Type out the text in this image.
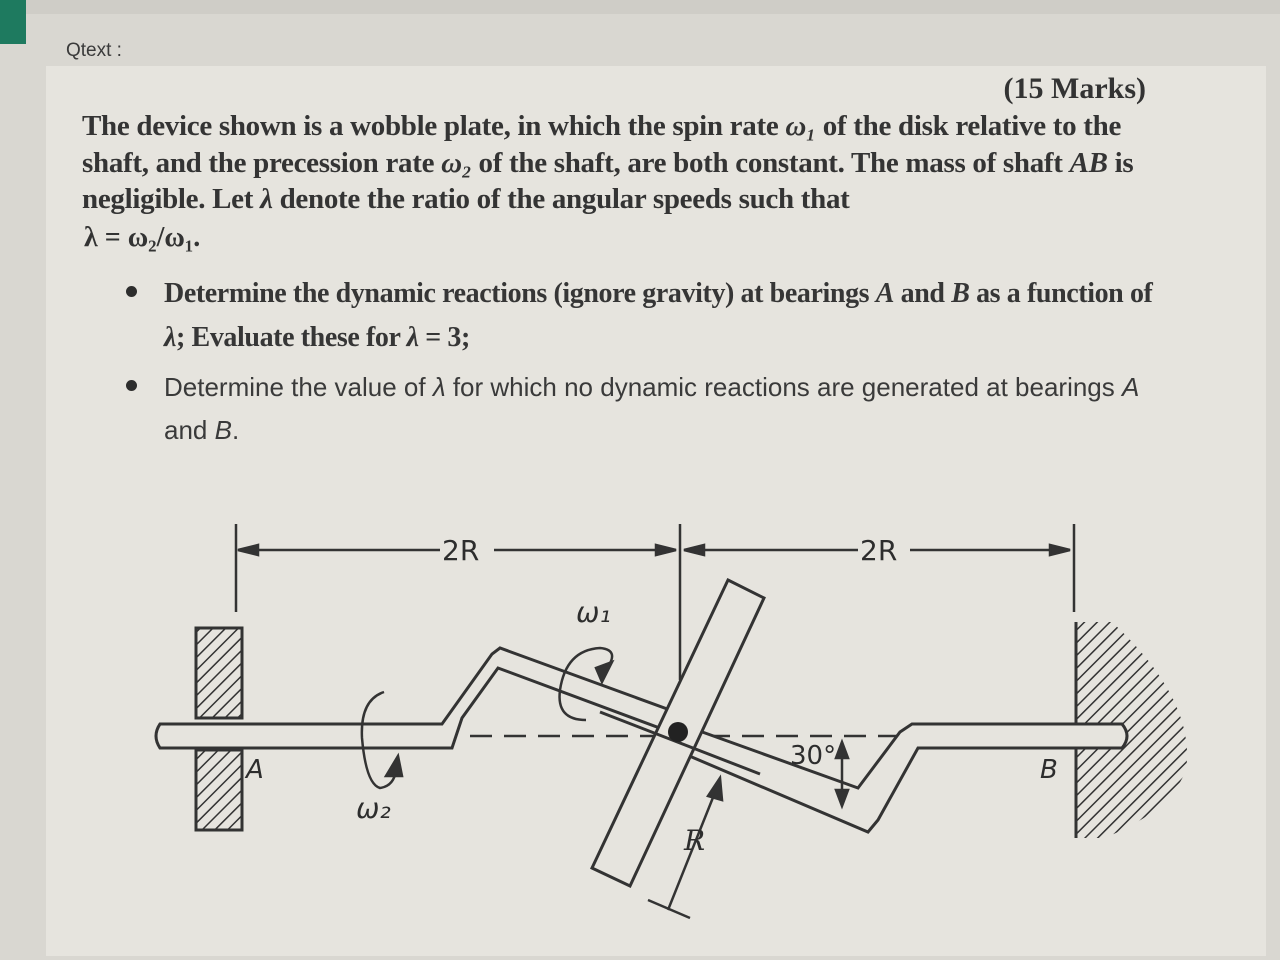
Qtext :
(15 Marks)
The device shown is a wobble plate, in which the spin rate ω₁ of the disk relative to the shaft, and the precession rate ω₂ of the shaft, are both constant. The mass of shaft AB is negligible. Let λ denote the ratio of the angular speeds such that
λ = ω₂/ω₁.
Determine the dynamic reactions (ignore gravity) at bearings A and B as a function of λ; Evaluate these for λ = 3;
Determine the value of λ for which no dynamic reactions are generated at bearings A and B.
2R	2R
ω₁
ω₂
30°
R
A	B
